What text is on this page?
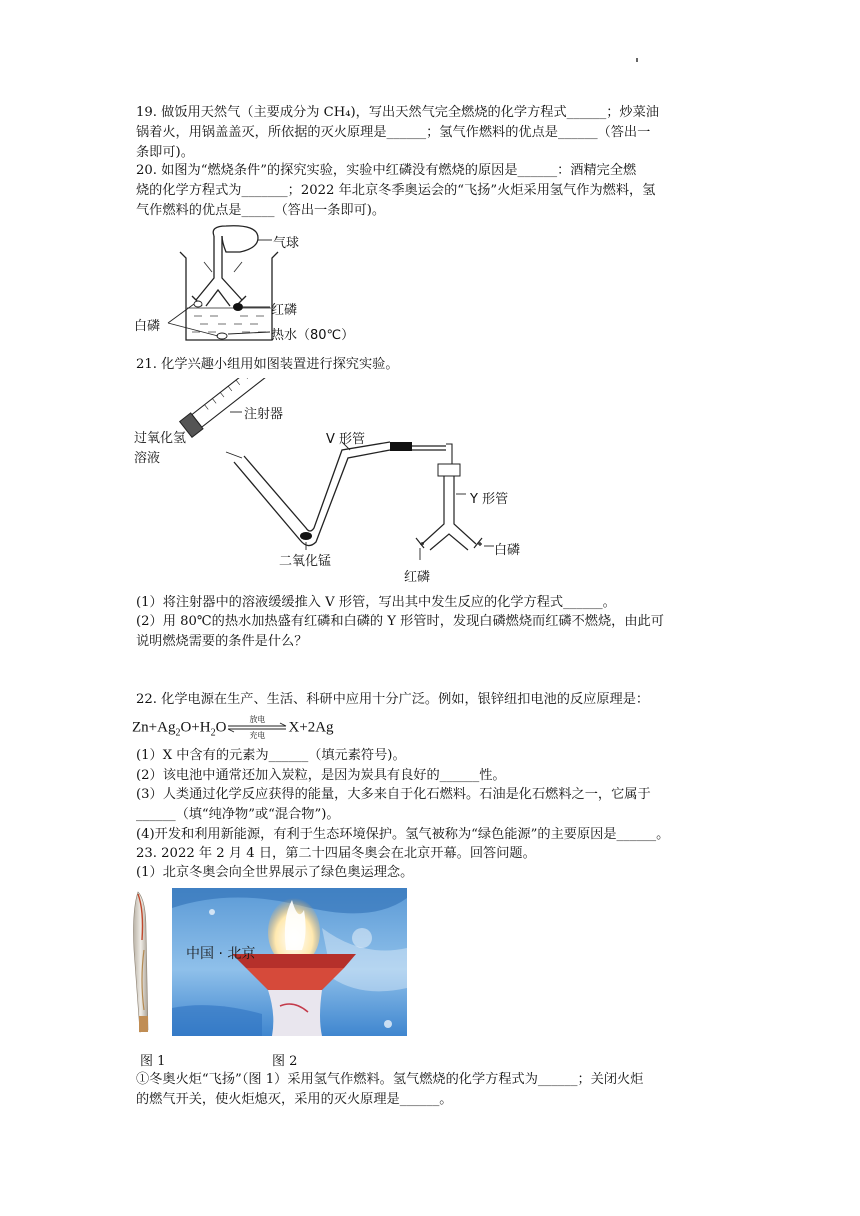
19. 做饭用天然气（主要成分为 CH₄)，写出天然气完全燃烧的化学方程式______；炒菜油
锅着火，用锅盖盖灭，所依据的灭火原理是______；氢气作燃料的优点是______（答出一
条即可)。
20. 如图为“燃烧条件”的探究实验，实验中红磷没有燃烧的原因是______：酒精完全燃
烧的化学方程式为_______；2022 年北京冬季奥运会的“飞扬”火炬采用氢气作为燃料，氢
气作燃料的优点是_____（答出一条即可)。
气球
红磷
白磷
热水（80℃）
21. 化学兴趣小组用如图装置进行探究实验。
注射器
过氧化氢
溶液
V 形管
Y 形管
二氧化锰
白磷
红磷
(1）将注射器中的溶液缓缓推入 V 形管，写出其中发生反应的化学方程式______。
(2）用 80℃的热水加热盛有红磷和白磷的 Y 形管时，发现白磷燃烧而红磷不燃烧，由此可
说明燃烧需要的条件是什么？
22. 化学电源在生产、生活、科研中应用十分广泛。例如，银锌纽扣电池的反应原理是：
$Zn+Ag_2O+H_2O$	放电
充电
X+2Ag
(1）X 中含有的元素为______（填元素符号)。
(2）该电池中通常还加入炭粒，是因为炭具有良好的______性。
(3）人类通过化学反应获得的能量，大多来自于化石燃料。石油是化石燃料之一，它属于
______（填“纯净物”或“混合物”)。
(4)开发和利用新能源，有利于生态环境保护。氢气被称为“绿色能源”的主要原因是______。
23. 2022 年 2 月 4 日，第二十四届冬奥会在北京开幕。回答问题。
(1）北京冬奥会向全世界展示了绿色奥运理念。
中国 · 北京
图 1	图 2
①冬奥火炬“飞扬”（图 1）采用氢气作燃料。氢气燃烧的化学方程式为______；关闭火炬
的燃气开关，使火炬熄灭，采用的灭火原理是______。
